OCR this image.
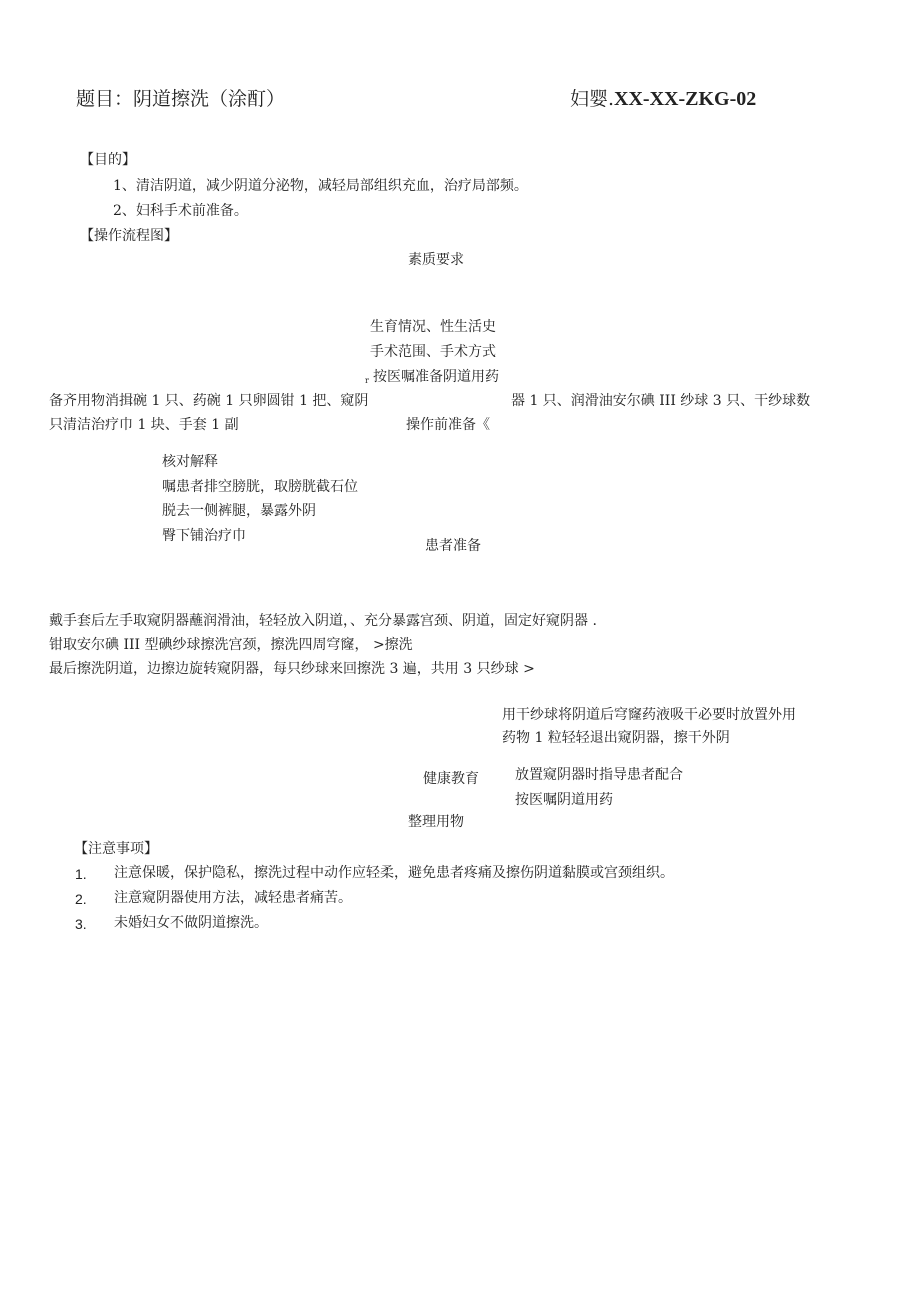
题目：阴道擦洗（涂酊）	妇婴.XX-XX-ZKG-02
【目的】
1、清洁阴道，减少阴道分泌物，减轻局部组织充血，治疗局部频。
2、妇科手术前准备。
【操作流程图】
素质要求
生育情况、性生活史
手术范围、手术方式
r 按医嘱准备阴道用药
备齐用物消揖碗 1 只、药碗 1 只卵圆钳 1 把、窥阴	器 1 只、润滑油安尔碘 III 纱球 3 只、干纱球数
只清洁治疗巾 1 块、手套 1 副	操作前准备《
核对解释
嘱患者排空膀胱，取膀胱截石位
脱去一侧裤腿，暴露外阴
臀下铺治疗巾
患者准备
戴手套后左手取窥阴器蘸润滑油，轻轻放入阴道，、充分暴露宫颈、阴道，固定好窥阴器 .
钳取安尔碘 III 型碘纱球擦洗宫颈，擦洗四周穹窿， >擦洗
最后擦洗阴道，边擦边旋转窥阴器，每只纱球来回擦洗 3 遍，共用 3 只纱球 >
用干纱球将阴道后穹窿药液吸干必要时放置外用
药物 1 粒轻轻退出窥阴器，擦干外阴
放置窥阴器时指导患者配合
健康教育
按医嘱阴道用药
整理用物
【注意事项】
1. 注意保暖，保护隐私，擦洗过程中动作应轻柔，避免患者疼痛及擦伤阴道黏膜或宫颈组织。
2. 注意窥阴器使用方法，减轻患者痛苦。
3. 未婚妇女不做阴道擦洗。
